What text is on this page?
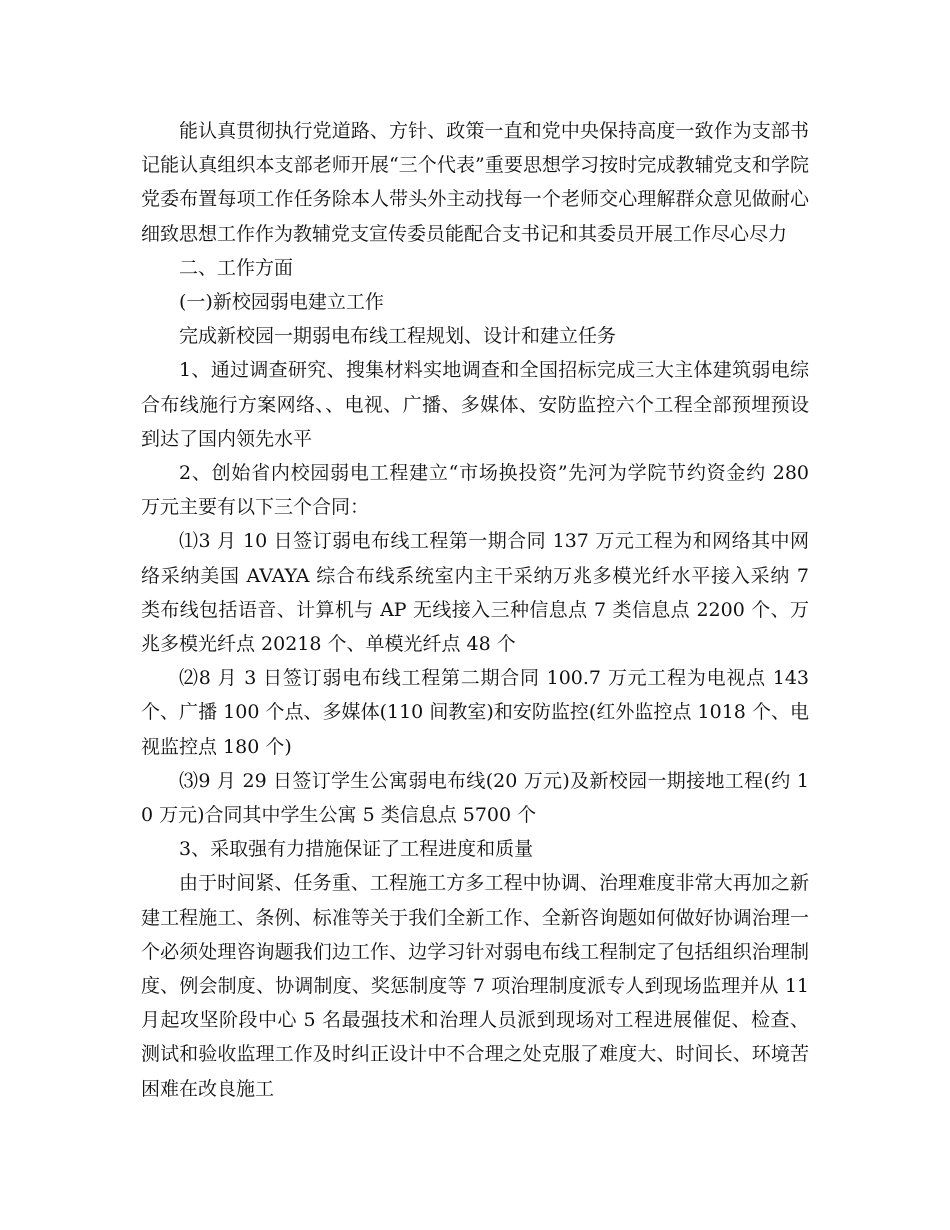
能认真贯彻执行党道路、方针、政策一直和党中央保持高度一致作为支部书记能认真组织本支部老师开展“三个代表”重要思想学习按时完成教辅党支和学院党委布置每项工作任务除本人带头外主动找每一个老师交心理解群众意见做耐心细致思想工作作为教辅党支宣传委员能配合支书记和其委员开展工作尽心尽力

二、工作方面

(一)新校园弱电建立工作

完成新校园一期弱电布线工程规划、设计和建立任务

1、通过调查研究、搜集材料实地调查和全国招标完成三大主体建筑弱电综合布线施行方案网络、、电视、广播、多媒体、安防监控六个工程全部预埋预设到达了国内领先水平

2、创始省内校园弱电工程建立“市场换投资”先河为学院节约资金约 280 万元主要有以下三个合同：

⑴3 月 10 日签订弱电布线工程第一期合同 137 万元工程为和网络其中网络采纳美国 AVAYA 综合布线系统室内主干采纳万兆多模光纤水平接入采纳 7 类布线包括语音、计算机与 AP 无线接入三种信息点 7 类信息点 2200 个、万兆多模光纤点 20218 个、单模光纤点 48 个

⑵8 月 3 日签订弱电布线工程第二期合同 100.7 万元工程为电视点 143 个、广播 100 个点、多媒体(110 间教室)和安防监控(红外监控点 1018 个、电视监控点 180 个)

⑶9 月 29 日签订学生公寓弱电布线(20 万元)及新校园一期接地工程(约 10 万元)合同其中学生公寓 5 类信息点 5700 个

3、采取强有力措施保证了工程进度和质量

由于时间紧、任务重、工程施工方多工程中协调、治理难度非常大再加之新建工程施工、条例、标准等关于我们全新工作、全新咨询题如何做好协调治理一个必须处理咨询题我们边工作、边学习针对弱电布线工程制定了包括组织治理制度、例会制度、协调制度、奖惩制度等 7 项治理制度派专人到现场监理并从 11 月起攻坚阶段中心 5 名最强技术和治理人员派到现场对工程进展催促、检查、测试和验收监理工作及时纠正设计中不合理之处克服了难度大、时间长、环境苦困难在改良施工
